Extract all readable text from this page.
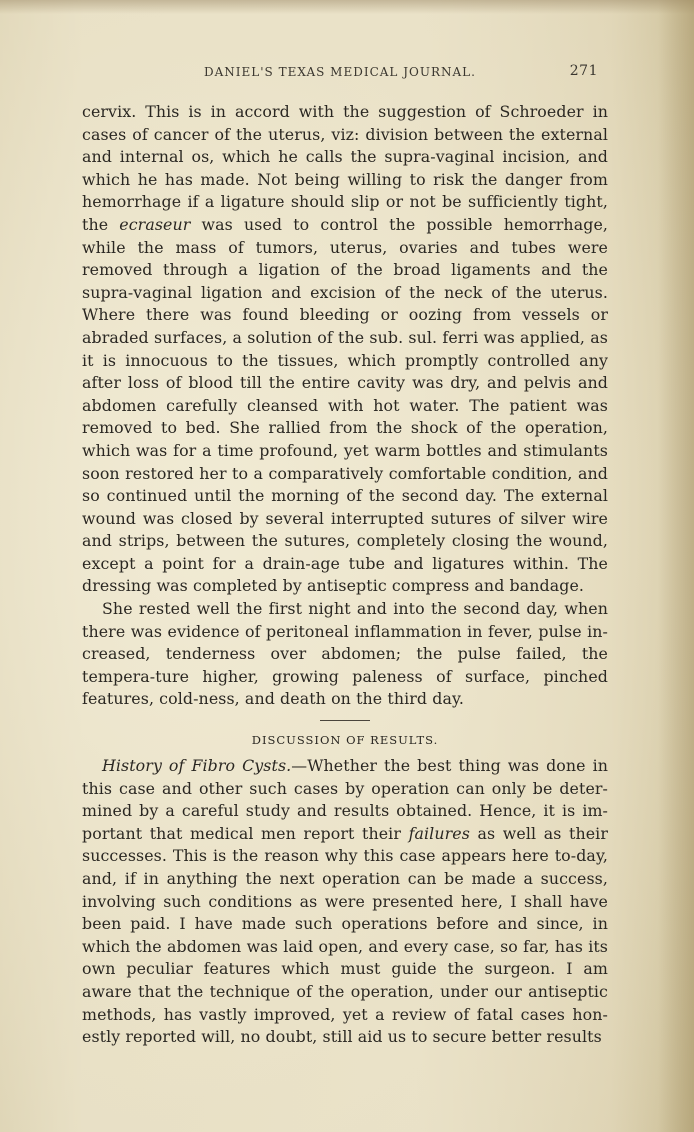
DANIEL'S TEXAS MEDICAL JOURNAL.	271

cervix. This is in accord with the suggestion of Schroeder in cases of cancer of the uterus, viz: division between the external and internal os, which he calls the supra-vaginal incision, and which he has made. Not being willing to risk the danger from hemorrhage if a ligature should slip or not be sufficiently tight, the ecraseur was used to control the possible hemorrhage, while the mass of tumors, uterus, ovaries and tubes were removed through a ligation of the broad ligaments and the supra-vaginal ligation and excision of the neck of the uterus. Where there was found bleeding or oozing from vessels or abraded surfaces, a solution of the sub. sul. ferri was applied, as it is innocuous to the tissues, which promptly controlled any after loss of blood till the entire cavity was dry, and pelvis and abdomen carefully cleansed with hot water. The patient was removed to bed. She rallied from the shock of the operation, which was for a time profound, yet warm bottles and stimulants soon restored her to a comparatively comfortable condition, and so continued until the morning of the second day. The external wound was closed by several interrupted sutures of silver wire and strips, between the sutures, completely closing the wound, except a point for a drain-age tube and ligatures within. The dressing was completed by antiseptic compress and bandage.

She rested well the first night and into the second day, when there was evidence of peritoneal inflammation in fever, pulse in-creased, tenderness over abdomen; the pulse failed, the tempera-ture higher, growing paleness of surface, pinched features, cold-ness, and death on the third day.

DISCUSSION OF RESULTS.

History of Fibro Cysts.—Whether the best thing was done in this case and other such cases by operation can only be deter-mined by a careful study and results obtained. Hence, it is im-portant that medical men report their failures as well as their successes. This is the reason why this case appears here to-day, and, if in anything the next operation can be made a success, involving such conditions as were presented here, I shall have been paid. I have made such operations before and since, in which the abdomen was laid open, and every case, so far, has its own peculiar features which must guide the surgeon. I am aware that the technique of the operation, under our antiseptic methods, has vastly improved, yet a review of fatal cases hon-estly reported will, no doubt, still aid us to secure better results
